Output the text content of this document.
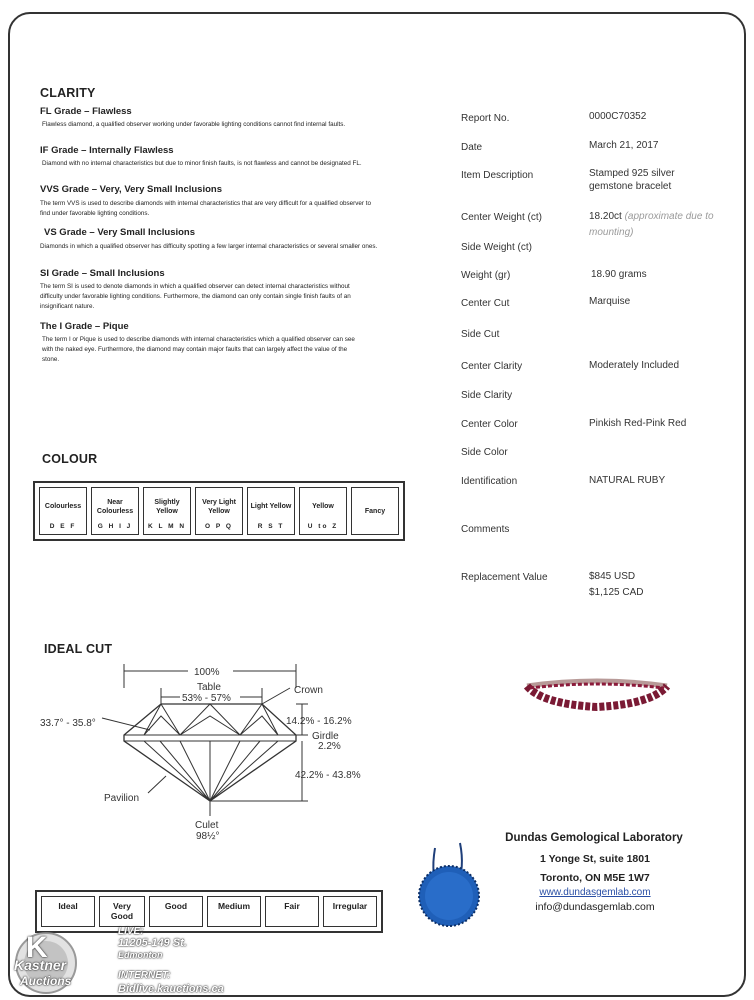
CLARITY
FL Grade – Flawless
Flawless diamond, a qualified observer working under favorable lighting conditions cannot find internal faults.
IF Grade – Internally Flawless
Diamond with no internal characteristics but due to minor finish faults, is not flawless and cannot be designated FL.
VVS Grade – Very, Very Small Inclusions
The term VVS is used to describe diamonds with internal characteristics that are very difficult for a qualified observer to find under favorable lighting conditions.
VS Grade – Very Small Inclusions
Diamonds in which a qualified observer has difficulty spotting a few larger internal characteristics or several smaller ones.
SI Grade – Small Inclusions
The term SI is used to denote diamonds in which a qualified observer can detect internal characteristics without difficulty under favorable lighting conditions. Furthermore, the diamond can only contain single finish faults of an insignificant nature.
The I Grade – Pique
The term I or Pique is used to describe diamonds with internal characteristics which a qualified observer can see with the naked eye. Furthermore, the diamond may contain major faults that can largely affect the value of the stone.
COLOUR
Colourless
D E F

Near Colourless
G H I J

Slightly Yellow
K L M N

Very Light Yellow
O P Q

Light Yellow
R S T

Yellow
U to Z

Fancy
IDEAL CUT
100%
Table
53% - 57%
Crown
33.7° - 35.8°	14.2% - 16.2%
Girdle
2.2%
42.2% - 43.8%
Pavilion
Culet
98½°
Ideal	Very Good	Good	Medium	Fair	Irregular
Report No.	0000C70352
Date	March 21, 2017
Item Description	Stamped 925 silver
gemstone bracelet
Center Weight (ct)	18.20ct (approximate due to
mounting)
Side Weight (ct)
Weight (gr)	18.90 grams
Center Cut	Marquise
Side Cut
Center Clarity	Moderately Included
Side Clarity
Center Color	Pinkish Red-Pink Red
Side Color
Identification	NATURAL RUBY
Comments
Replacement Value	$845 USD
$1,125 CAD
Dundas Gemological Laboratory
1 Yonge St, suite 1801
Toronto, ON M5E 1W7
www.dundasgemlab.com
info@dundasgemlab.com
K
Kastner
Auctions
LIVE:
11205-149 St.
Edmonton
INTERNET:
Bidlive.kauctions.ca
